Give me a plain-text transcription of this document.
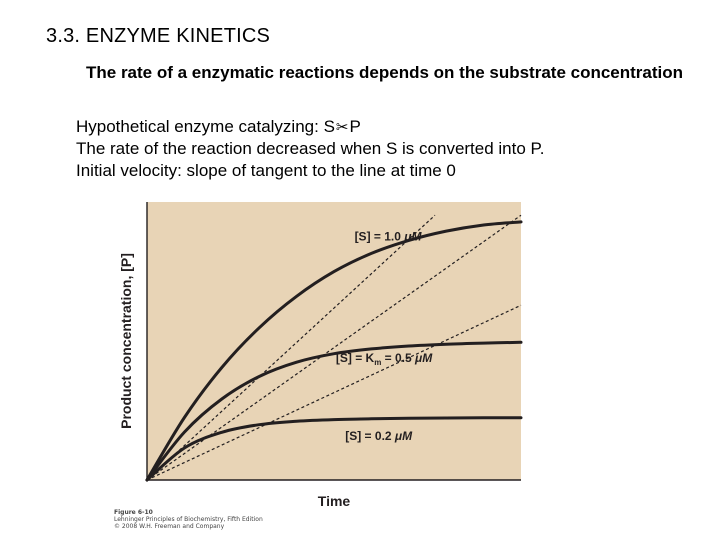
3.3. ENZYME KINETICS
The rate of a enzymatic reactions depends on the substrate concentration
Hypothetical enzyme catalyzing: S✂P
The rate of the reaction decreased when S is converted into P.
Initial velocity: slope of tangent to the line at time 0
[S] = 1.0 μM
$[S] = K_m = 0.5$ μM
[S] = 0.2 μM
Time
Product concentration, [P]
Figure 6-10
Lehninger Principles of Biochemistry, Fifth Edition
© 2008 W.H. Freeman and Company
